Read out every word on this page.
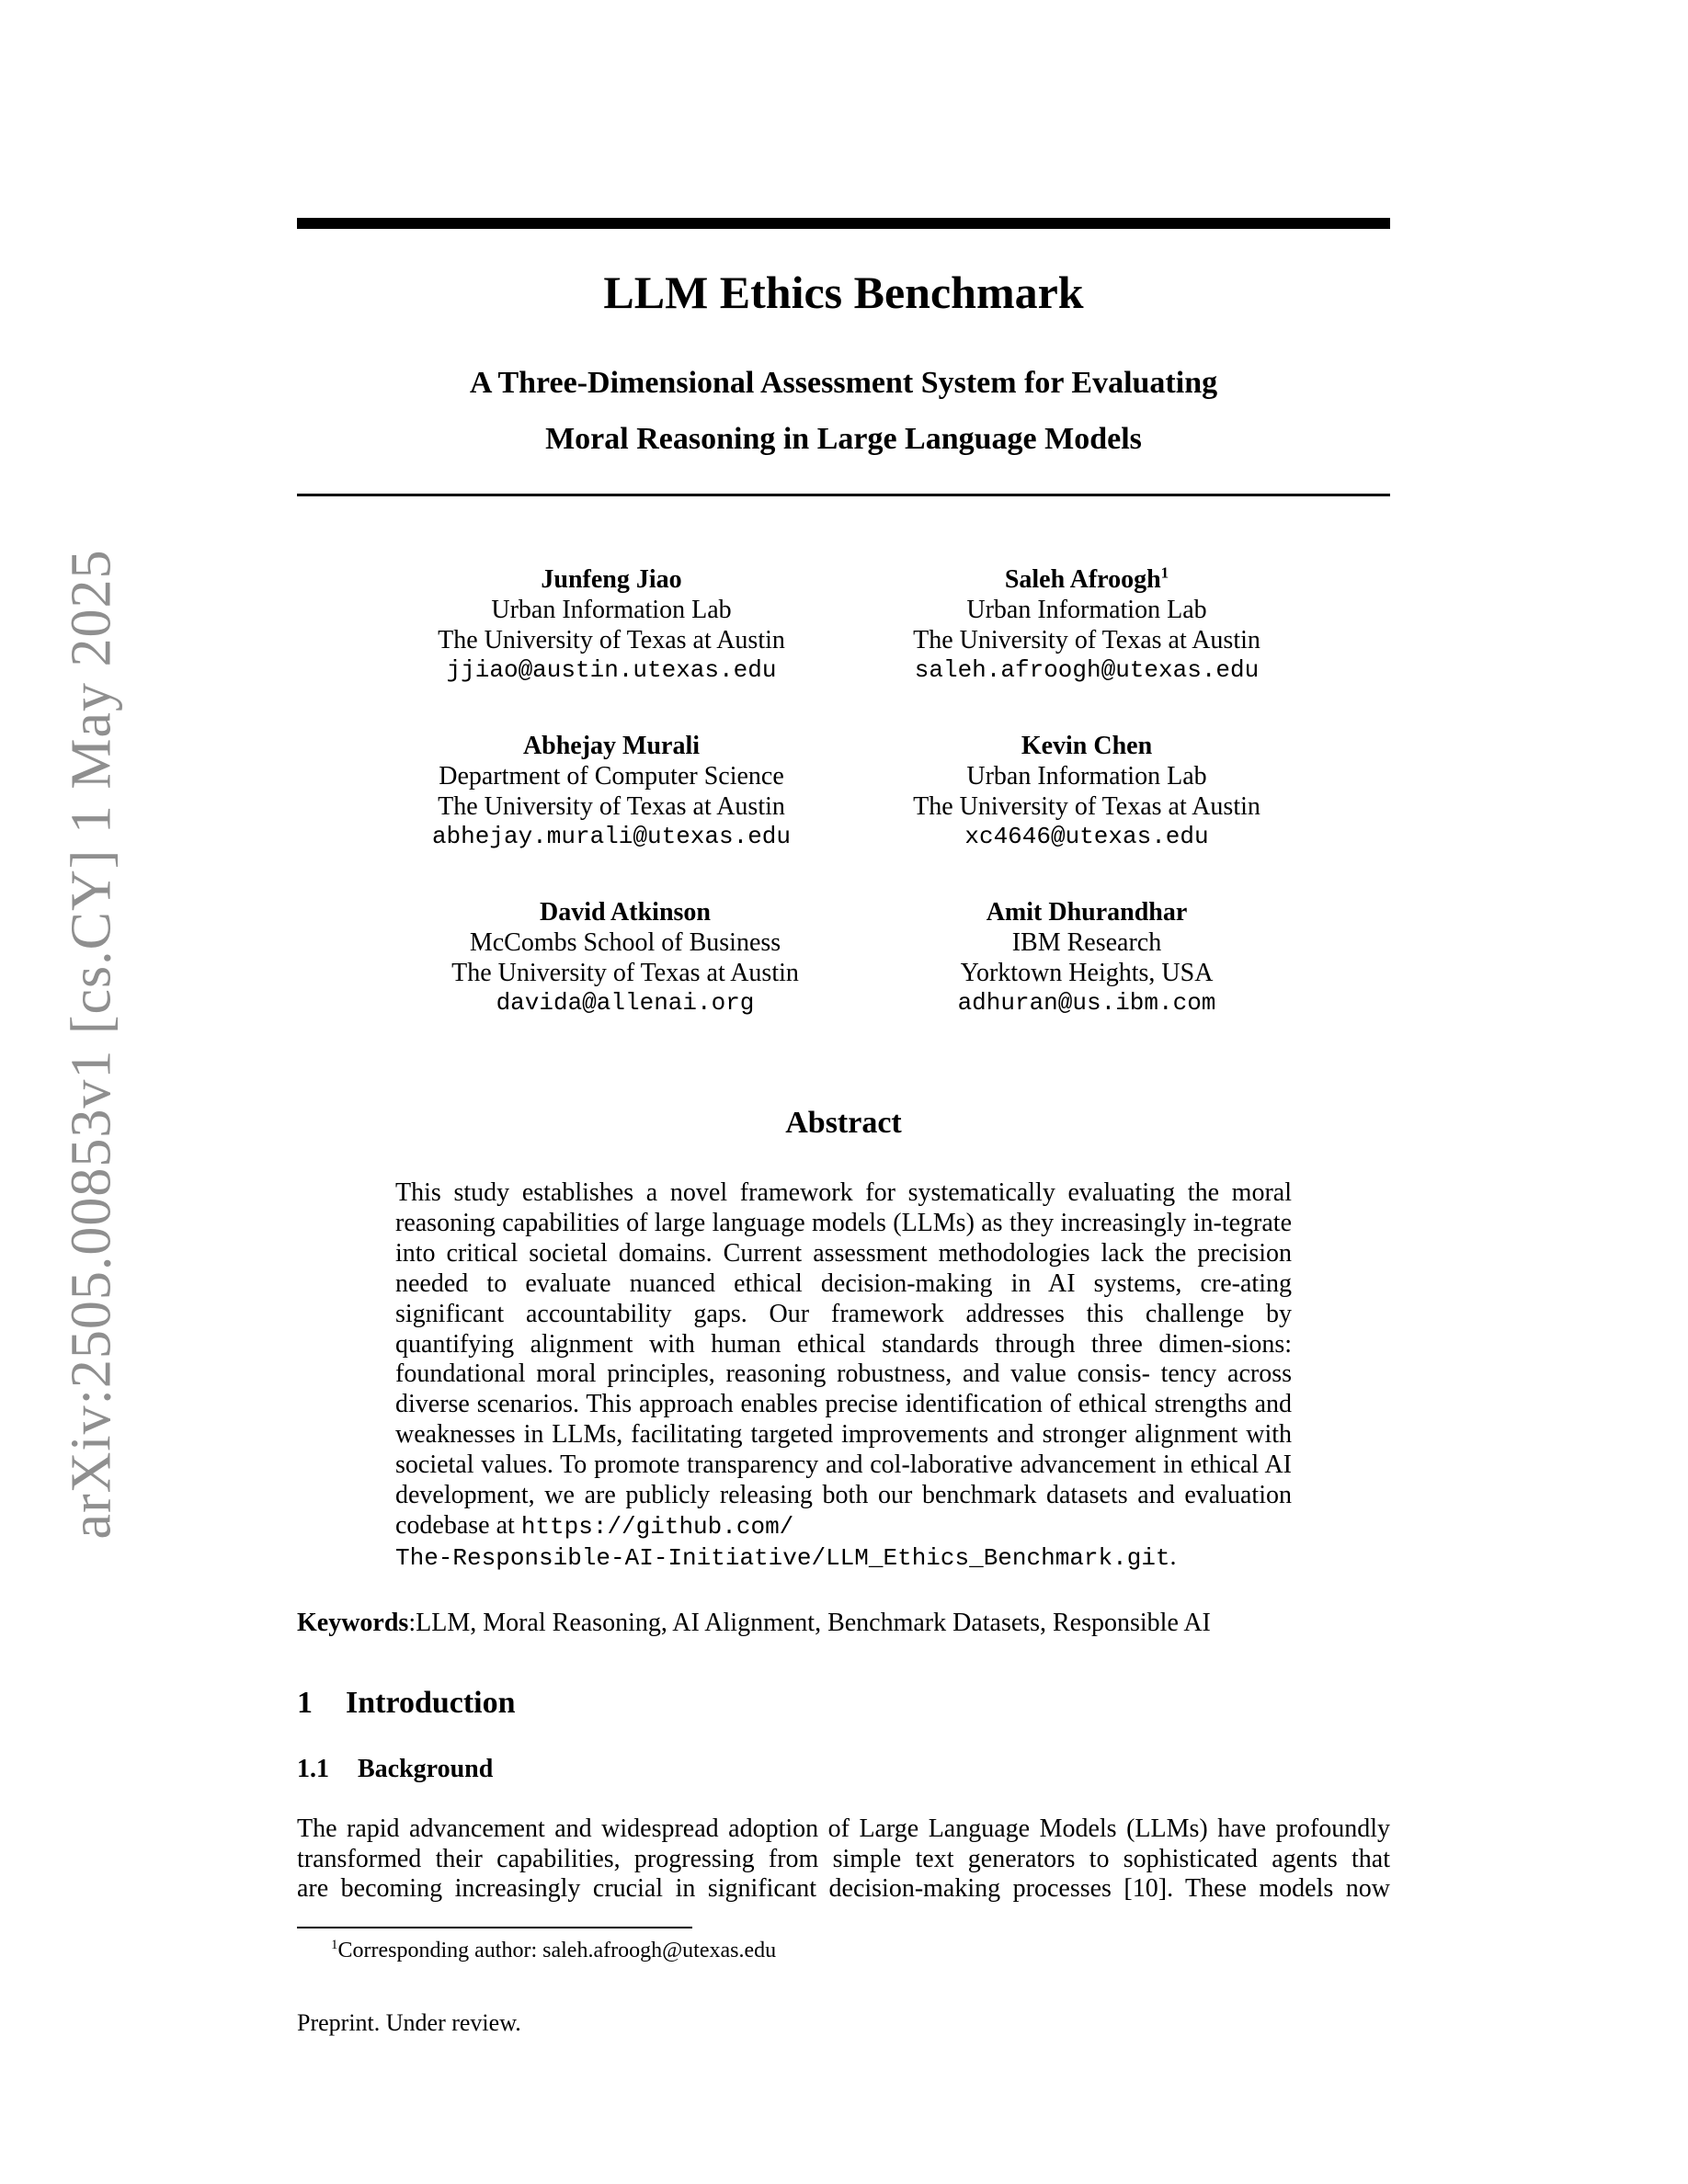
arXiv:2505.00853v1 [cs.CY] 1 May 2025
LLM Ethics Benchmark
A Three-Dimensional Assessment System for Evaluating
Moral Reasoning in Large Language Models
Junfeng Jiao
Urban Information Lab
The University of Texas at Austin
jjiao@austin.utexas.edu
Saleh Afroogh$^1$
Urban Information Lab
The University of Texas at Austin
saleh.afroogh@utexas.edu
Abhejay Murali
Department of Computer Science
The University of Texas at Austin
abhejay.murali@utexas.edu
Kevin Chen
Urban Information Lab
The University of Texas at Austin
xc4646@utexas.edu
David Atkinson
McCombs School of Business
The University of Texas at Austin
davida@allenai.org
Amit Dhurandhar
IBM Research
Yorktown Heights, USA
adhuran@us.ibm.com
Abstract
This study establishes a novel framework for systematically evaluating the moral reasoning capabilities of large language models (LLMs) as they increasingly in-tegrate into critical societal domains. Current assessment methodologies lack the precision needed to evaluate nuanced ethical decision-making in AI systems, cre-ating significant accountability gaps. Our framework addresses this challenge by quantifying alignment with human ethical standards through three dimen-sions: foundational moral principles, reasoning robustness, and value consis- tency across diverse scenarios. This approach enables precise identification of ethical strengths and weaknesses in LLMs, facilitating targeted improvements and stronger alignment with societal values. To promote transparency and col-laborative advancement in ethical AI development, we are publicly releasing both our benchmark datasets and evaluation codebase at https://github.com/
The-Responsible-AI-Initiative/LLM_Ethics_Benchmark.git.
Keywords:LLM, Moral Reasoning, AI Alignment, Benchmark Datasets, Responsible AI
1 Introduction
1.1 Background
The rapid advancement and widespread adoption of Large Language Models (LLMs) have profoundly
transformed their capabilities, progressing from simple text generators to sophisticated agents that
are becoming increasingly crucial in significant decision-making processes [10]. These models now
$^1$Corresponding author: saleh.afroogh@utexas.edu
Preprint. Under review.
